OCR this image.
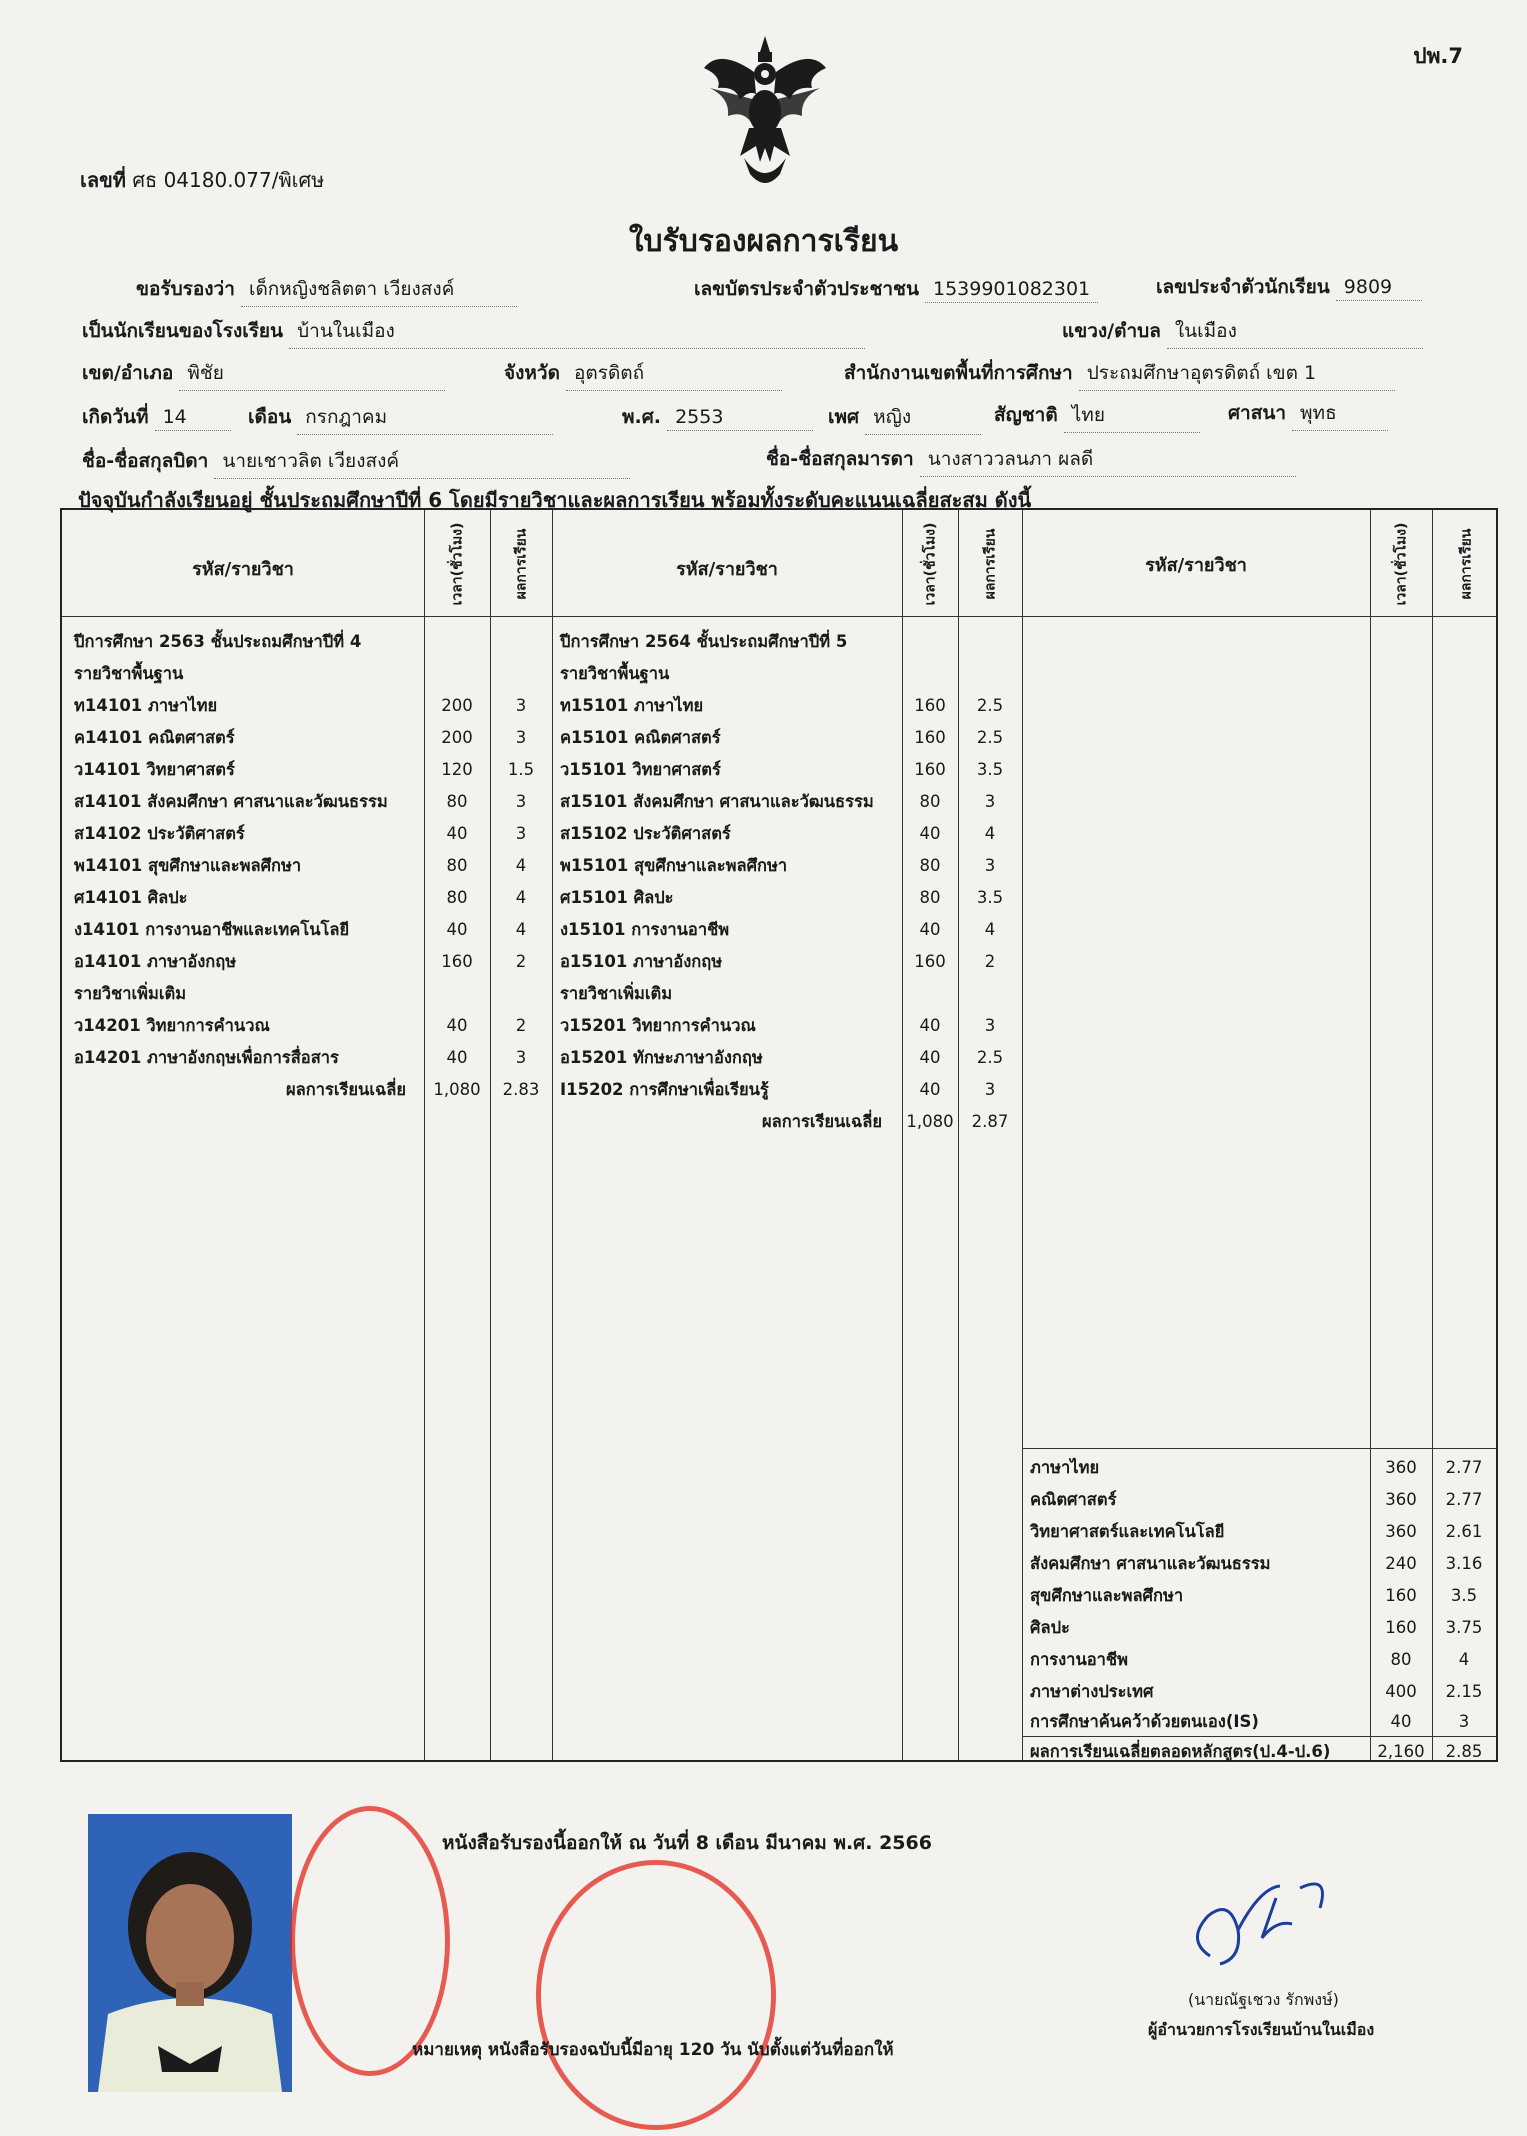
ปพ.7
เลขที่ ศธ 04180.077/พิเศษ
ใบรับรองผลการเรียน
ขอรับรองว่า เด็กหญิงชลิตตา เวียงสงค์	เลขบัตรประจำตัวประชาชน 1539901082301	เลขประจำตัวนักเรียน 9809
เป็นนักเรียนของโรงเรียน บ้านในเมือง	แขวง/ตำบล ในเมือง
เขต/อำเภอ พิชัย	จังหวัด อุตรดิตถ์	สำนักงานเขตพื้นที่การศึกษา ประถมศึกษาอุตรดิตถ์ เขต 1
เกิดวันที่ 14	เดือน กรกฎาคม	พ.ศ. 2553	เพศ หญิง	สัญชาติ ไทย	ศาสนา พุทธ
ชื่อ-ชื่อสกุลบิดา นายเชาวลิต เวียงสงค์	ชื่อ-ชื่อสกุลมารดา นางสาววลนภา ผลดี
ปัจจุบันกำลังเรียนอยู่ ชั้นประถมศึกษาปีที่ 6 โดยมีรายวิชาและผลการเรียน พร้อมทั้งระดับคะแนนเฉลี่ยสะสม ดังนี้
รหัส/รายวิชา	เวลา(ชั่วโมง)	ผลการเรียน	รหัส/รายวิชา	เวลา(ชั่วโมง)	ผลการเรียน	รหัส/รายวิชา	เวลา(ชั่วโมง)	ผลการเรียน
ปีการศึกษา 2563 ชั้นประถมศึกษาปีที่ 4
รายวิชาพื้นฐาน
ท14101 ภาษาไทย	200	3
ค14101 คณิตศาสตร์	200	3
ว14101 วิทยาศาสตร์	120	1.5
ส14101 สังคมศึกษา ศาสนาและวัฒนธรรม	80	3
ส14102 ประวัติศาสตร์	40	3
พ14101 สุขศึกษาและพลศึกษา	80	4
ศ14101 ศิลปะ	80	4
ง14101 การงานอาชีพและเทคโนโลยี	40	4
อ14101 ภาษาอังกฤษ	160	2
รายวิชาเพิ่มเติม
ว14201 วิทยาการคำนวณ	40	2
อ14201 ภาษาอังกฤษเพื่อการสื่อสาร	40	3
ผลการเรียนเฉลี่ย	1,080	2.83
ปีการศึกษา 2564 ชั้นประถมศึกษาปีที่ 5
รายวิชาพื้นฐาน
ท15101 ภาษาไทย	160	2.5
ค15101 คณิตศาสตร์	160	2.5
ว15101 วิทยาศาสตร์	160	3.5
ส15101 สังคมศึกษา ศาสนาและวัฒนธรรม	80	3
ส15102 ประวัติศาสตร์	40	4
พ15101 สุขศึกษาและพลศึกษา	80	3
ศ15101 ศิลปะ	80	3.5
ง15101 การงานอาชีพ	40	4
อ15101 ภาษาอังกฤษ	160	2
รายวิชาเพิ่มเติม
ว15201 วิทยาการคำนวณ	40	3
อ15201 ทักษะภาษาอังกฤษ	40	2.5
I15202 การศึกษาเพื่อเรียนรู้	40	3
ผลการเรียนเฉลี่ย 1,080	2.87
ภาษาไทย	360	2.77
คณิตศาสตร์	360	2.77
วิทยาศาสตร์และเทคโนโลยี	360	2.61
สังคมศึกษา ศาสนาและวัฒนธรรม	240	3.16
สุขศึกษาและพลศึกษา	160	3.5
ศิลปะ	160	3.75
การงานอาชีพ	80	4
ภาษาต่างประเทศ	400	2.15
การศึกษาค้นคว้าด้วยตนเอง(IS)	40	3
ผลการเรียนเฉลี่ยตลอดหลักสูตร(ป.4-ป.6)	2,160	2.85
หนังสือรับรองนี้ออกให้ ณ วันที่ 8 เดือน มีนาคม พ.ศ. 2566
(นายณัฐเชวง รักพงษ์)
ผู้อำนวยการโรงเรียนบ้านในเมือง
หมายเหตุ หนังสือรับรองฉบับนี้มีอายุ 120 วัน นับตั้งแต่วันที่ออกให้
